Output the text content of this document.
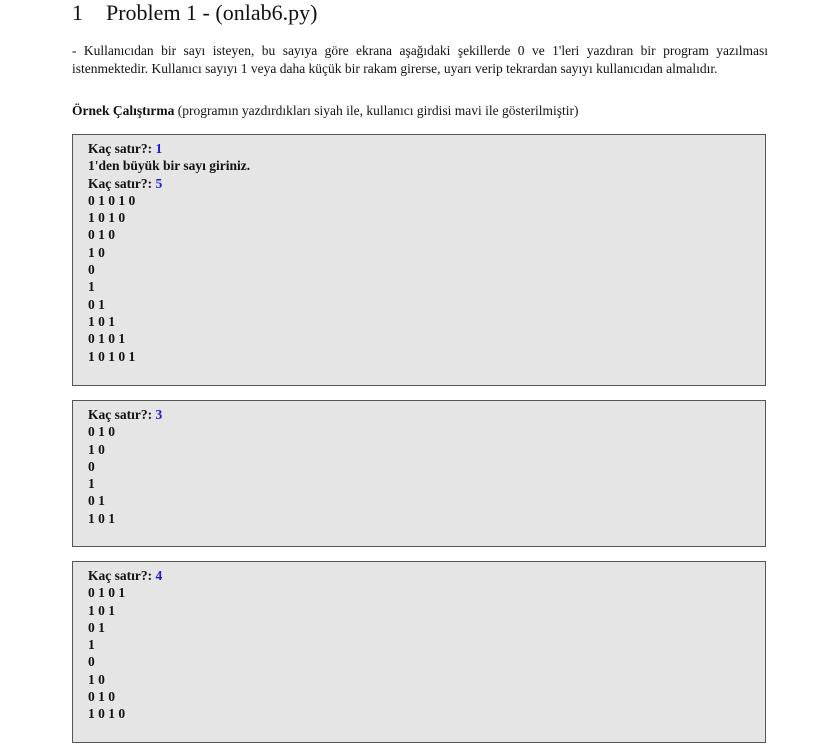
1 Problem 1 - (onlab6.py)
- Kullanıcıdan bir sayı isteyen, bu sayıya göre ekrana aşağıdaki şekillerde 0 ve 1'leri yazdıran bir program yazılması istenmektedir. Kullanıcı sayıyı 1 veya daha küçük bir rakam girerse, uyarı verip tekrardan sayıyı kullanıcıdan almalıdır.
Örnek Çalıştırma (programın yazdırdıkları siyah ile, kullanıcı girdisi mavi ile gösterilmiştir)
Kaç satır?: 1
1'den büyük bir sayı giriniz.
Kaç satır?: 5
0 1 0 1 0
1 0 1 0
0 1 0
1 0
0
1
0 1
1 0 1
0 1 0 1
1 0 1 0 1
Kaç satır?: 3
0 1 0
1 0
0
1
0 1
1 0 1
Kaç satır?: 4
0 1 0 1
1 0 1
0 1
1
0
1 0
0 1 0
1 0 1 0
